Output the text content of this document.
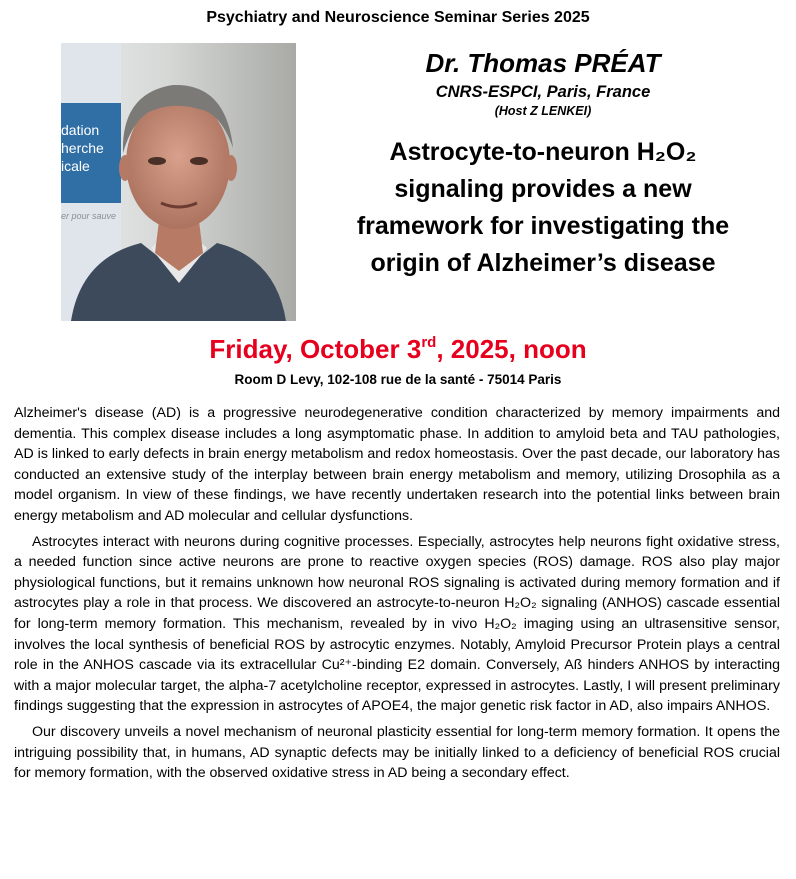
Psychiatry and Neuroscience Seminar Series 2025
dation
herche
icale
er pour sauve
Dr. Thomas PRÉAT
CNRS-ESPCI, Paris, France
(Host Z LENKEI)
Astrocyte-to-neuron H₂O₂
signaling provides a new
framework for investigating the
origin of Alzheimer’s disease
Friday, October 3rd, 2025, noon
Room D Levy, 102-108 rue de la santé - 75014 Paris

Alzheimer's disease (AD) is a progressive neurodegenerative condition characterized by memory impairments and dementia. This complex disease includes a long asymptomatic phase. In addition to amyloid beta and TAU pathologies, AD is linked to early defects in brain energy metabolism and redox homeostasis. Over the past decade, our laboratory has conducted an extensive study of the interplay between brain energy metabolism and memory, utilizing Drosophila as a model organism. In view of these findings, we have recently undertaken research into the potential links between brain energy metabolism and AD molecular and cellular dysfunctions.

Astrocytes interact with neurons during cognitive processes. Especially, astrocytes help neurons fight oxidative stress, a needed function since active neurons are prone to reactive oxygen species (ROS) damage. ROS also play major physiological functions, but it remains unknown how neuronal ROS signaling is activated during memory formation and if astrocytes play a role in that process. We discovered an astrocyte-to-neuron H₂O₂ signaling (ANHOS) cascade essential for long-term memory formation. This mechanism, revealed by in vivo H₂O₂ imaging using an ultrasensitive sensor, involves the local synthesis of beneficial ROS by astrocytic enzymes. Notably, Amyloid Precursor Protein plays a central role in the ANHOS cascade via its extracellular Cu²⁺-binding E2 domain. Conversely, Aß hinders ANHOS by interacting with a major molecular target, the alpha-7 acetylcholine receptor, expressed in astrocytes. Lastly, I will present preliminary findings suggesting that the expression in astrocytes of APOE4, the major genetic risk factor in AD, also impairs ANHOS.

Our discovery unveils a novel mechanism of neuronal plasticity essential for long-term memory formation. It opens the intriguing possibility that, in humans, AD synaptic defects may be initially linked to a deficiency of beneficial ROS crucial for memory formation, with the observed oxidative stress in AD being a secondary effect.
